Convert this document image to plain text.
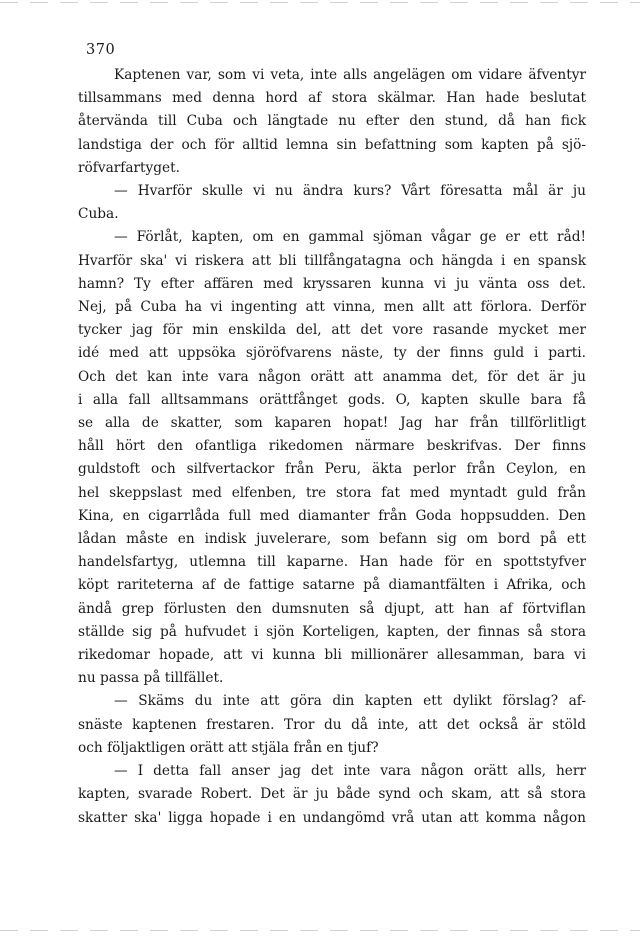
370
Kaptenen var, som vi veta, inte alls angelägen om vidare äfventyr
tillsammans med denna hord af stora skälmar. Han hade beslutat
återvända till Cuba och längtade nu efter den stund, då han fick
landstiga der och för alltid lemna sin befattning som kapten på sjö-
röfvarfartyget.
— Hvarför skulle vi nu ändra kurs? Vårt föresatta mål är ju
Cuba.
— Förlåt, kapten, om en gammal sjöman vågar ge er ett råd!
Hvarför ska' vi riskera att bli tillfångatagna och hängda i en spansk
hamn? Ty efter affären med kryssaren kunna vi ju vänta oss det.
Nej, på Cuba ha vi ingenting att vinna, men allt att förlora. Derför
tycker jag för min enskilda del, att det vore rasande mycket mer
idé med att uppsöka sjöröfvarens näste, ty der finns guld i parti.
Och det kan inte vara någon orätt att anamma det, för det är ju
i alla fall alltsammans orättfånget gods. O, kapten skulle bara få
se alla de skatter, som kaparen hopat! Jag har från tillförlitligt
håll hört den ofantliga rikedomen närmare beskrifvas. Der finns
guldstoft och silfvertackor från Peru, äkta perlor från Ceylon, en
hel skeppslast med elfenben, tre stora fat med myntadt guld från
Kina, en cigarrlåda full med diamanter från Goda hoppsudden. Den
lådan måste en indisk juvelerare, som befann sig om bord på ett
handelsfartyg, utlemna till kaparne. Han hade för en spottstyfver
köpt rariteterna af de fattige satarne på diamantfälten i Afrika, och
ändå grep förlusten den dumsnuten så djupt, att han af förtviflan
ställde sig på hufvudet i sjön Korteligen, kapten, der finnas så stora
rikedomar hopade, att vi kunna bli millionärer allesamman, bara vi
nu passa på tillfället.
— Skäms du inte att göra din kapten ett dylikt förslag? af-
snäste kaptenen frestaren. Tror du då inte, att det också är stöld
och följaktligen orätt att stjäla från en tjuf?
— I detta fall anser jag det inte vara någon orätt alls, herr
kapten, svarade Robert. Det är ju både synd och skam, att så stora
skatter ska' ligga hopade i en undangömd vrå utan att komma någon
